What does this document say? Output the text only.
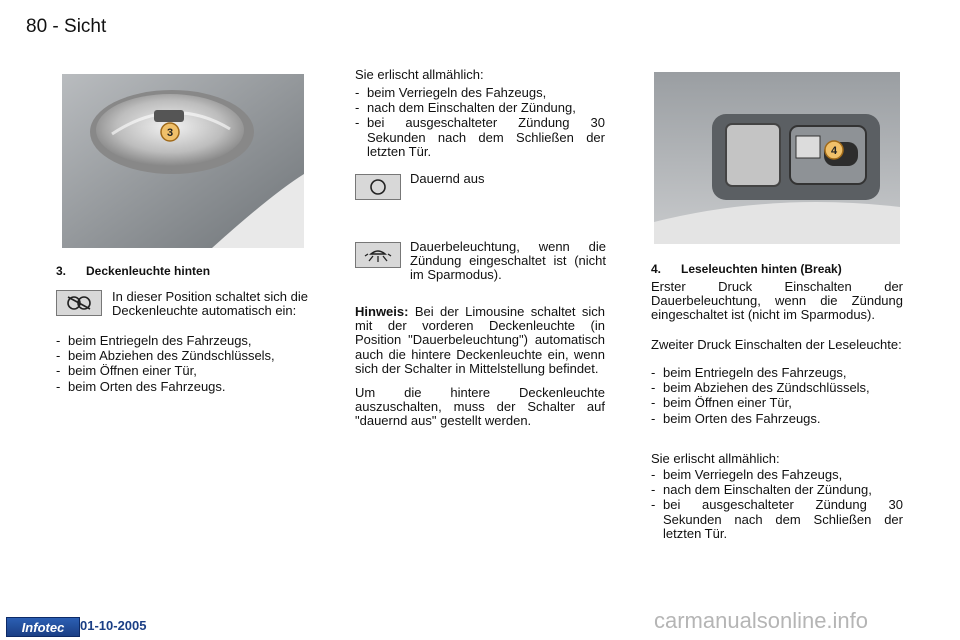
80 - Sicht
3
3. Deckenleuchte hinten
In dieser Position schaltet sich die Deckenleuchte automatisch ein:
- beim Entriegeln des Fahrzeugs,
- beim Abziehen des Zündschlüssels,
- beim Öffnen einer Tür,
- beim Orten des Fahrzeugs.
Sie erlischt allmählich:
- beim Verriegeln des Fahzeugs,
- nach dem Einschalten der Zündung,
- bei ausgeschalteter Zündung 30 Sekunden nach dem Schließen der letzten Tür.
Dauernd aus
Dauerbeleuchtung, wenn die Zündung eingeschaltet ist (nicht im Sparmodus).
Hinweis: Bei der Limousine schaltet sich mit der vorderen Deckenleuchte (in Position "Dauerbeleuchtung") automatisch auch die hintere Deckenleuchte ein, wenn sich der Schalter in Mittelstellung befindet.
Um die hintere Deckenleuchte auszuschalten, muss der Schalter auf "dauernd aus" gestellt werden.
4
4. Leseleuchten hinten (Break)
Erster Druck Einschalten der Dauerbeleuchtung, wenn die Zündung eingeschaltet ist (nicht im Sparmodus).
Zweiter Druck Einschalten der Leseleuchte:
- beim Entriegeln des Fahrzeugs,
- beim Abziehen des Zündschlüssels,
- beim Öffnen einer Tür,
- beim Orten des Fahrzeugs.
Sie erlischt allmählich:
- beim Verriegeln des Fahzeugs,
- nach dem Einschalten der Zündung,
- bei ausgeschalteter Zündung 30 Sekunden nach dem Schließen der letzten Tür.
Infotec	01-10-2005	carmanualsonline.info
